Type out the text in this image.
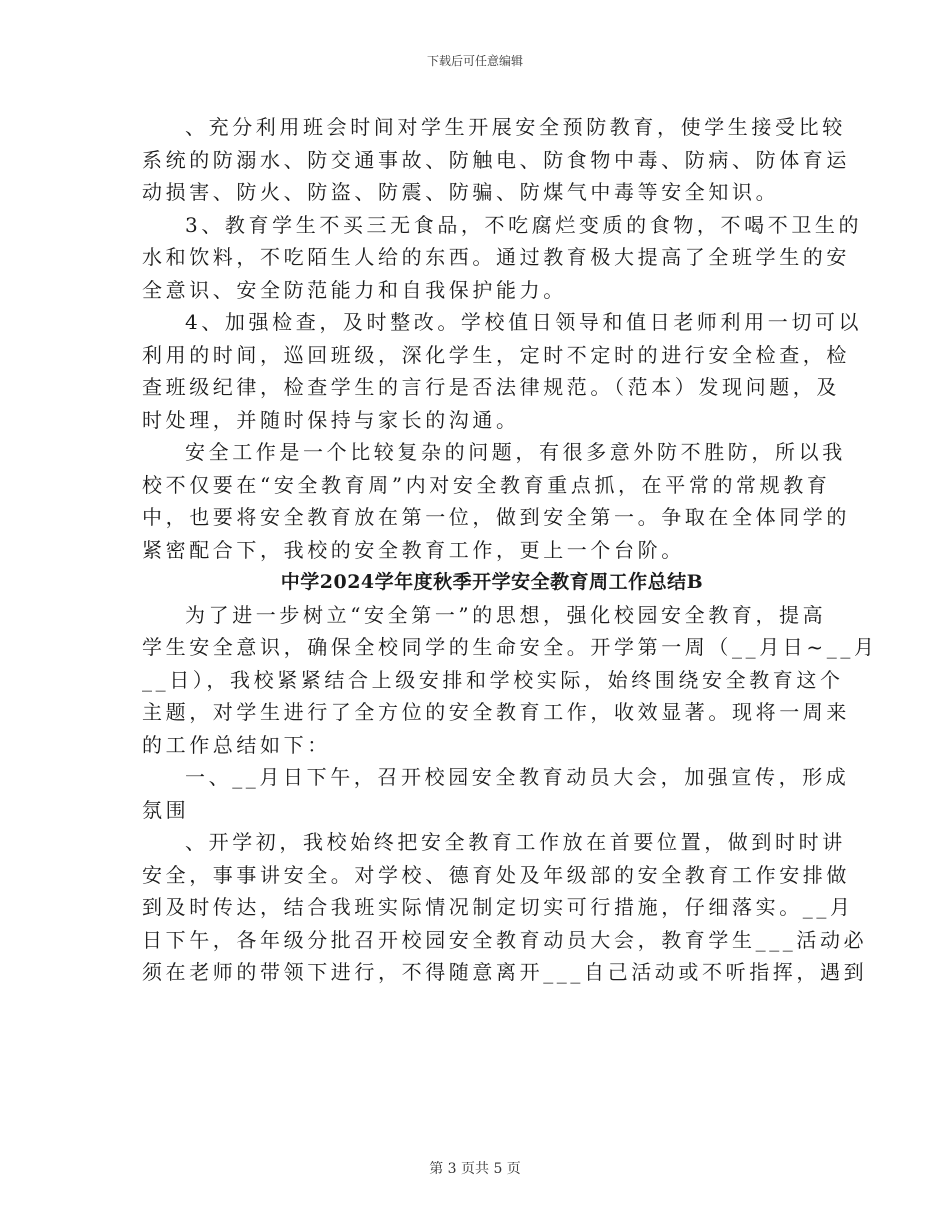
下载后可任意编辑
、充分利用班会时间对学生开展安全预防教育，使学生接受比较
系统的防溺水、防交通事故、防触电、防食物中毒、防病、防体育运
动损害、防火、防盗、防震、防骗、防煤气中毒等安全知识。
3、教育学生不买三无食品，不吃腐烂变质的食物，不喝不卫生的
水和饮料，不吃陌生人给的东西。通过教育极大提高了全班学生的安
全意识、安全防范能力和自我保护能力。
4、加强检查，及时整改。学校值日领导和值日老师利用一切可以
利用的时间，巡回班级，深化学生，定时不定时的进行安全检查，检
查班级纪律，检查学生的言行是否法律规范。（范本）发现问题，及
时处理，并随时保持与家长的沟通。
安全工作是一个比较复杂的问题，有很多意外防不胜防，所以我
校不仅要在“安全教育周”内对安全教育重点抓，在平常的常规教育
中，也要将安全教育放在第一位，做到安全第一。争取在全体同学的
紧密配合下，我校的安全教育工作，更上一个台阶。
中学2024学年度秋季开学安全教育周工作总结B
为了进一步树立“安全第一”的思想，强化校园安全教育，提高
学生安全意识，确保全校同学的生命安全。开学第一周（__月日~__月
__日），我校紧紧结合上级安排和学校实际，始终围绕安全教育这个
主题，对学生进行了全方位的安全教育工作，收效显著。现将一周来
的工作总结如下：
一、__月日下午，召开校园安全教育动员大会，加强宣传，形成
氛围
、开学初，我校始终把安全教育工作放在首要位置，做到时时讲
安全，事事讲安全。对学校、德育处及年级部的安全教育工作安排做
到及时传达，结合我班实际情况制定切实可行措施，仔细落实。__月
日下午，各年级分批召开校园安全教育动员大会，教育学生___活动必
须在老师的带领下进行，不得随意离开___自己活动或不听指挥，遇到
第 3 页共 5 页
